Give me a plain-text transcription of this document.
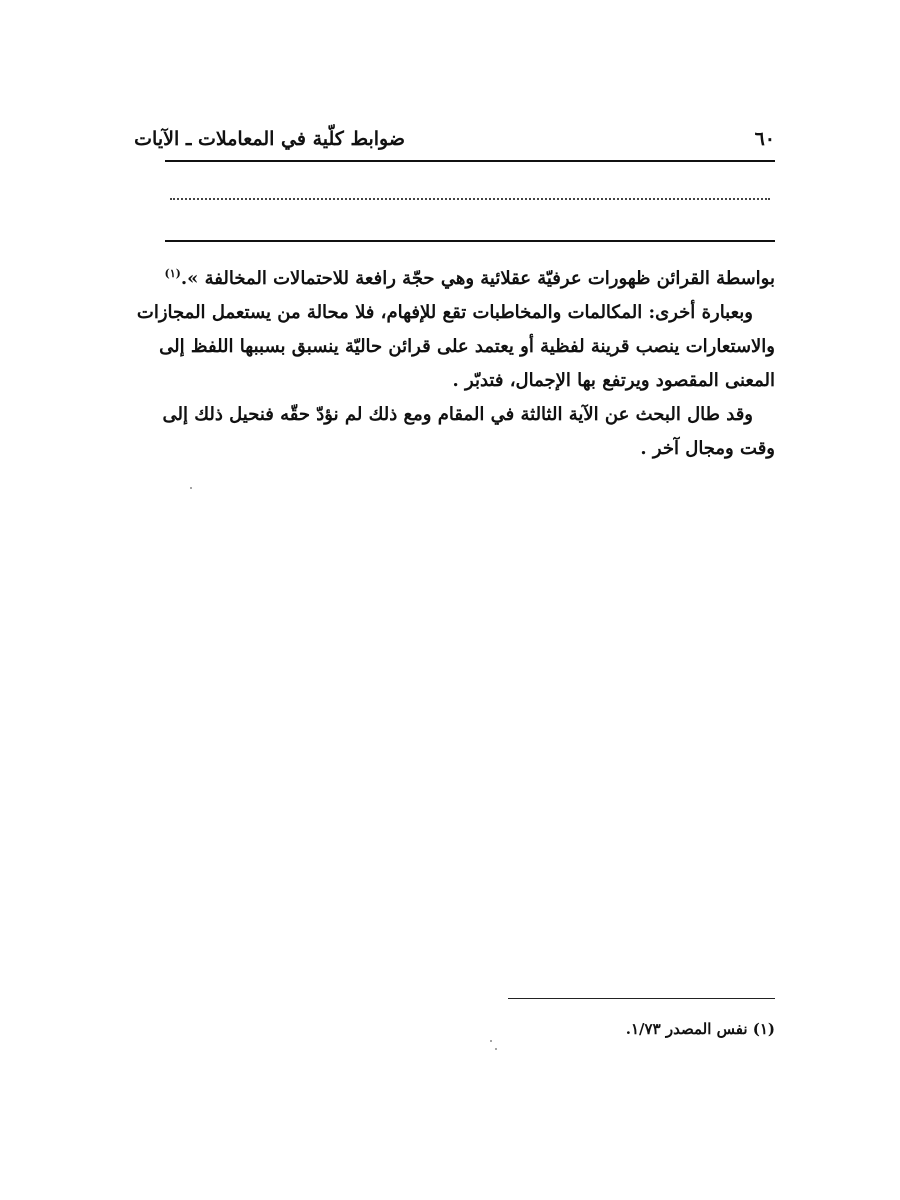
٦٠
ضوابط كلّية في المعاملات ـ الآيات
بواسطة القرائن ظهورات عرفيّة عقلائية وهي حجّة رافعة للاحتمالات المخالفة ».$^{(١)}$
وبعبارة أخرى: المكالمات والمخاطبات تقع للإفهام، فلا محالة من يستعمل المجازات
والاستعارات ينصب قرينة لفظية أو يعتمد على قرائن حاليّة ينسبق بسببها اللفظ إلى
المعنى المقصود ويرتفع بها الإجمال، فتدبّر .
وقد طال البحث عن الآية الثالثة في المقام ومع ذلك لم نؤدّ حقّه فنحيل ذلك إلى
وقت ومجال آخر .
(١) نفس المصدر ١/٧٣.
